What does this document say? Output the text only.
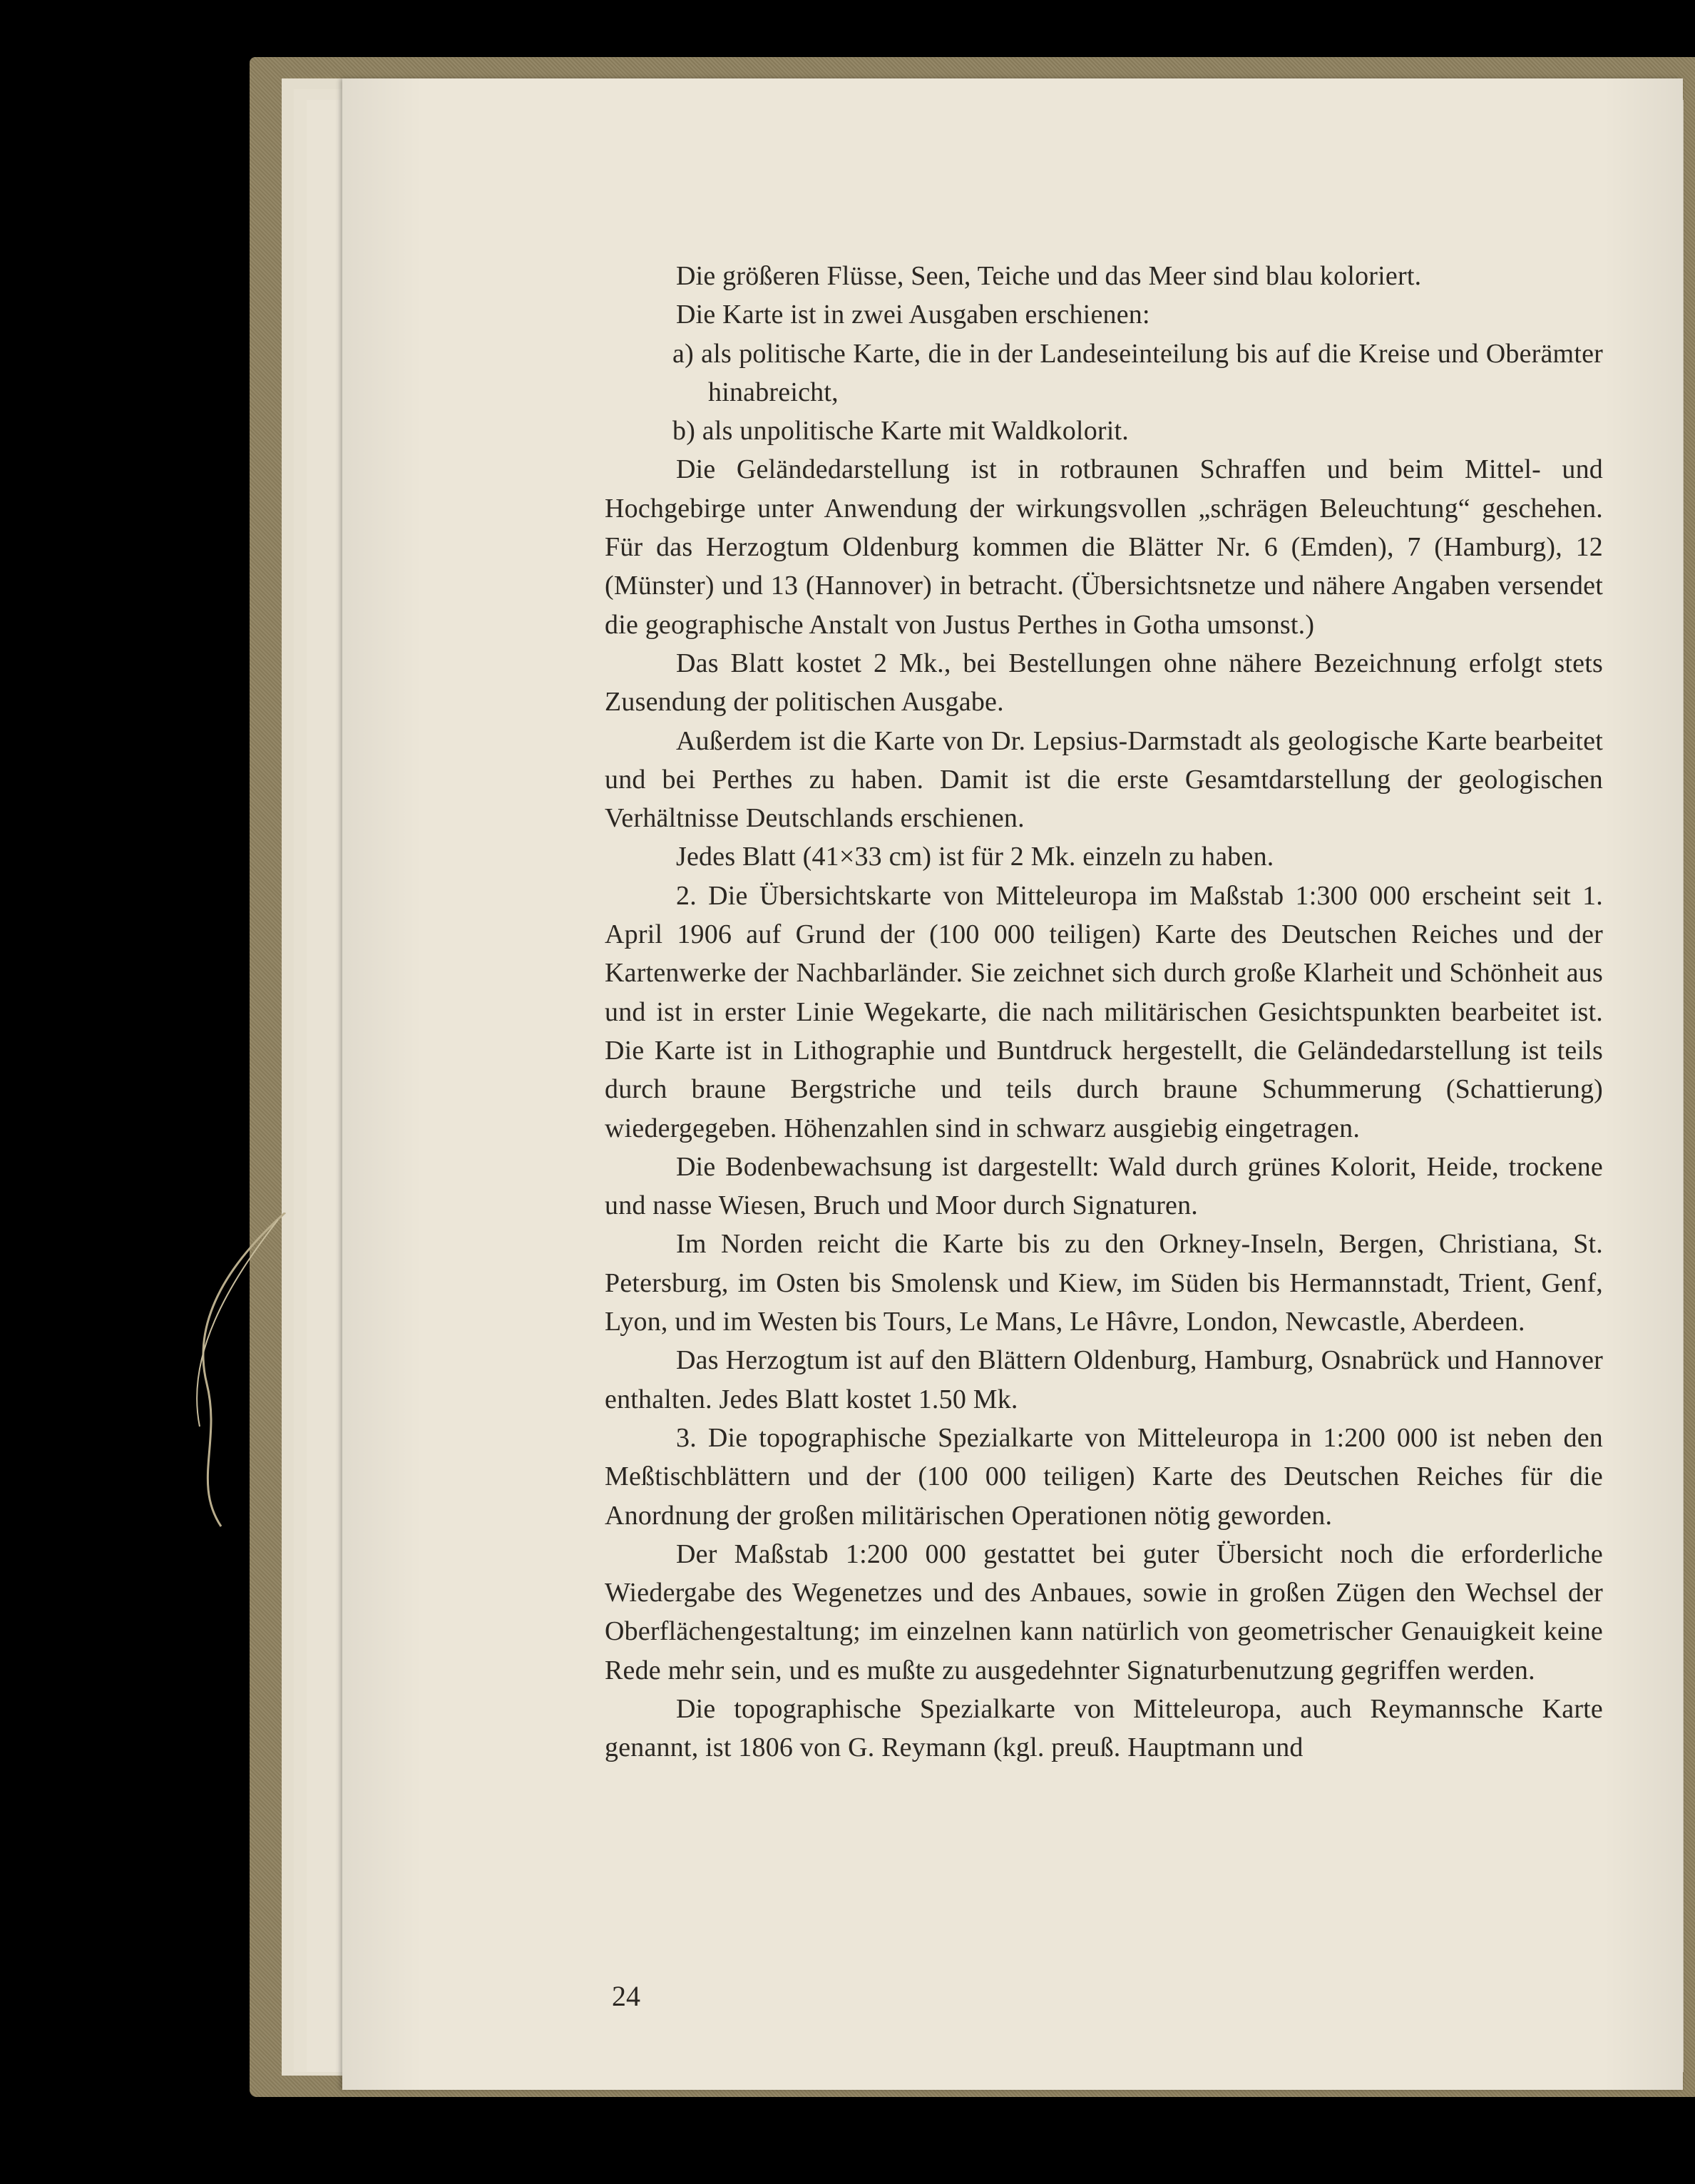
Die größeren Flüsse, Seen, Teiche und das Meer sind blau koloriert.

Die Karte ist in zwei Ausgaben erschienen:

a) als politische Karte, die in der Landeseinteilung bis auf die Kreise und Oberämter hinabreicht,

b) als unpolitische Karte mit Waldkolorit.

Die Geländedarstellung ist in rotbraunen Schraffen und beim Mittel- und Hochgebirge unter Anwendung der wirkungsvollen „schrägen Beleuchtung“ geschehen. Für das Herzogtum Oldenburg kommen die Blätter Nr. 6 (Emden), 7 (Hamburg), 12 (Münster) und 13 (Hannover) in betracht. (Übersichtsnetze und nähere Angaben versendet die geographische Anstalt von Justus Perthes in Gotha umsonst.)

Das Blatt kostet 2 Mk., bei Bestellungen ohne nähere Bezeichnung erfolgt stets Zusendung der politischen Ausgabe.

Außerdem ist die Karte von Dr. Lepsius-Darmstadt als geologische Karte bearbeitet und bei Perthes zu haben. Damit ist die erste Gesamtdarstellung der geologischen Verhältnisse Deutschlands erschienen.

Jedes Blatt (41×33 cm) ist für 2 Mk. einzeln zu haben.

2. Die Übersichtskarte von Mitteleuropa im Maßstab 1:300 000 erscheint seit 1. April 1906 auf Grund der (100 000 teiligen) Karte des Deutschen Reiches und der Kartenwerke der Nachbarländer. Sie zeichnet sich durch große Klarheit und Schönheit aus und ist in erster Linie Wegekarte, die nach militärischen Gesichtspunkten bearbeitet ist. Die Karte ist in Lithographie und Buntdruck hergestellt, die Geländedarstellung ist teils durch braune Bergstriche und teils durch braune Schummerung (Schattierung) wiedergegeben. Höhenzahlen sind in schwarz ausgiebig eingetragen.

Die Bodenbewachsung ist dargestellt: Wald durch grünes Kolorit, Heide, trockene und nasse Wiesen, Bruch und Moor durch Signaturen.

Im Norden reicht die Karte bis zu den Orkney-Inseln, Bergen, Christiana, St. Petersburg, im Osten bis Smolensk und Kiew, im Süden bis Hermannstadt, Trient, Genf, Lyon, und im Westen bis Tours, Le Mans, Le Hâvre, London, Newcastle, Aberdeen.

Das Herzogtum ist auf den Blättern Oldenburg, Hamburg, Osnabrück und Hannover enthalten. Jedes Blatt kostet 1.50 Mk.

3. Die topographische Spezialkarte von Mitteleuropa in 1:200 000 ist neben den Meßtischblättern und der (100 000 teiligen) Karte des Deutschen Reiches für die Anordnung der großen militärischen Operationen nötig geworden.

Der Maßstab 1:200 000 gestattet bei guter Übersicht noch die erforderliche Wiedergabe des Wegenetzes und des Anbaues, sowie in großen Zügen den Wechsel der Oberflächengestaltung; im einzelnen kann natürlich von geometrischer Genauigkeit keine Rede mehr sein, und es mußte zu ausgedehnter Signaturbenutzung gegriffen werden.

Die topographische Spezialkarte von Mitteleuropa, auch Reymannsche Karte genannt, ist 1806 von G. Reymann (kgl. preuß. Hauptmann und

24
